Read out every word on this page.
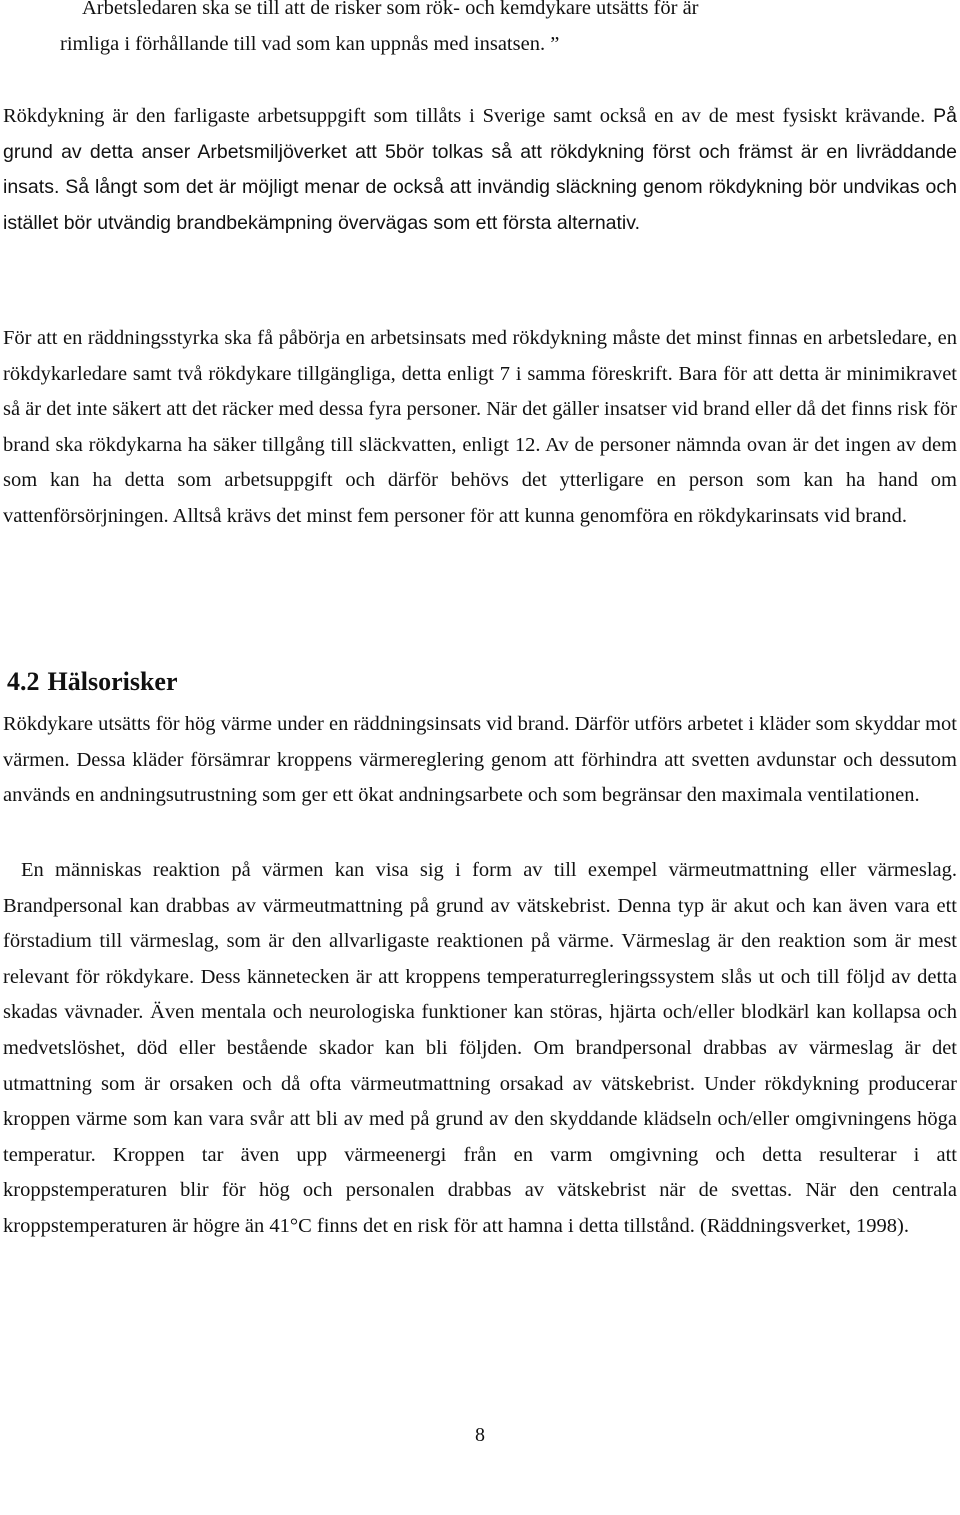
Arbetsledaren ska se till att de risker som rök- och kemdykare utsätts för är
rimliga i förhållande till vad som kan uppnås med insatsen. ”

Rökdykning är den farligaste arbetsuppgift som tillåts i Sverige samt också en av de mest fysiskt krävande. På grund av detta anser Arbetsmiljöverket att 5 bör tolkas så att rökdykning först och främst är en livräddande insats. Så långt som det är möjligt menar de också att invändig släckning genom rökdykning bör undvikas och istället bör utvändig brandbekämpning övervägas som ett första alternativ.

För att en räddningsstyrka ska få påbörja en arbetsinsats med rökdykning måste det minst finnas en arbetsledare, en rökdykarledare samt två rökdykare tillgängliga, detta enligt 7 i samma föreskrift. Bara för att detta är minimikravet så är det inte säkert att det räcker med dessa fyra personer. När det gäller insatser vid brand eller då det finns risk för brand ska rökdykarna ha säker tillgång till släckvatten, enligt 12. Av de personer nämnda ovan är det ingen av dem som kan ha detta som arbetsuppgift och därför behövs det ytterligare en person som kan ha hand om vattenförsörjningen. Alltså krävs det minst fem personer för att kunna genomföra en rökdykarinsats vid brand.

4.2 Hälsorisker

Rökdykare utsätts för hög värme under en räddningsinsats vid brand. Därför utförs arbetet i kläder som skyddar mot värmen. Dessa kläder försämrar kroppens värmereglering genom att förhindra att svetten avdunstar och dessutom används en andningsutrustning som ger ett ökat andningsarbete och som begränsar den maximala ventilationen.

En människas reaktion på värmen kan visa sig i form av till exempel värmeutmattning eller värmeslag. Brandpersonal kan drabbas av värmeutmattning på grund av vätskebrist. Denna typ är akut och kan även vara ett förstadium till värmeslag, som är den allvarligaste reaktionen på värme. Värmeslag är den reaktion som är mest relevant för rökdykare. Dess kännetecken är att kroppens temperaturregleringssystem slås ut och till följd av detta skadas vävnader. Även mentala och neurologiska funktioner kan störas, hjärta och/eller blodkärl kan kollapsa och medvetslöshet, död eller bestående skador kan bli följden. Om brandpersonal drabbas av värmeslag är det utmattning som är orsaken och då ofta värmeutmattning orsakad av vätskebrist. Under rökdykning producerar kroppen värme som kan vara svår att bli av med på grund av den skyddande klädseln och/eller omgivningens höga temperatur. Kroppen tar även upp värmeenergi från en varm omgivning och detta resulterar i att kroppstemperaturen blir för hög och personalen drabbas av vätskebrist när de svettas. När den centrala kroppstemperaturen är högre än 41°C finns det en risk för att hamna i detta tillstånd. (Räddningsverket, 1998).

8
